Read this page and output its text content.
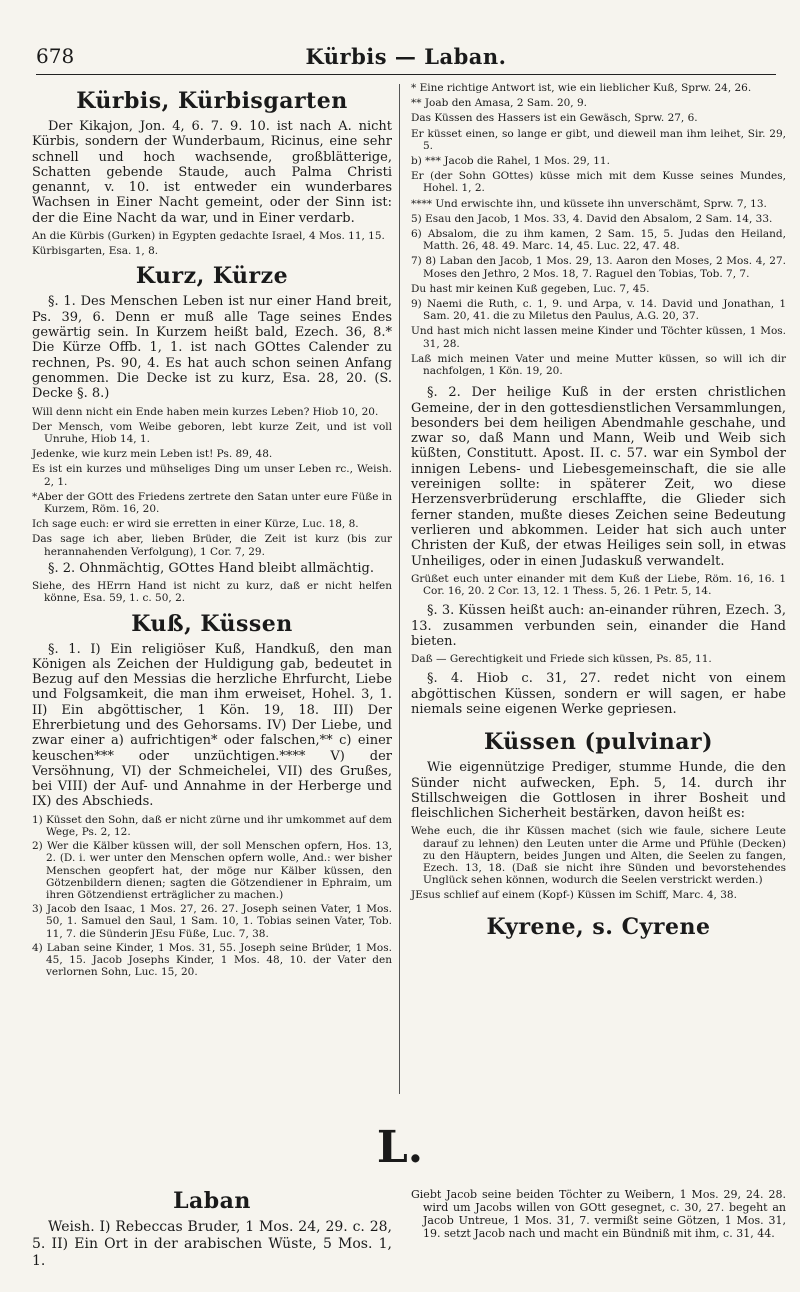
678	Kürbis — Laban.
Kürbis, Kürbisgarten

Der Kikajon, Jon. 4, 6. 7. 9. 10. ist nach A. nicht Kürbis, sondern der Wunderbaum, Ricinus, eine sehr schnell und hoch wachsende, großblätterige, Schatten gebende Staude, auch Palma Christi genannt, v. 10. ist entweder ein wunderbares Wachsen in Einer Nacht gemeint, oder der Sinn ist: der die Eine Nacht da war, und in Einer verdarb.

An die Kürbis (Gurken) in Egypten gedachte Israel, 4 Mos. 11, 15.

Kürbisgarten, Esa. 1, 8.

Kurz, Kürze

§. 1. Des Menschen Leben ist nur einer Hand breit, Ps. 39, 6. Denn er muß alle Tage seines Endes gewärtig sein. In Kurzem heißt bald, Ezech. 36, 8.* Die Kürze Offb. 1, 1. ist nach GOttes Calender zu rechnen, Ps. 90, 4. Es hat auch schon seinen Anfang genommen. Die Decke ist zu kurz, Esa. 28, 20. (S. Decke §. 8.)

Will denn nicht ein Ende haben mein kurzes Leben? Hiob 10, 20.

Der Mensch, vom Weibe geboren, lebt kurze Zeit, und ist voll Unruhe, Hiob 14, 1.

Jedenke, wie kurz mein Leben ist! Ps. 89, 48.

Es ist ein kurzes und mühseliges Ding um unser Leben rc., Weish. 2, 1.

*Aber der GOtt des Friedens zertrete den Satan unter eure Füße in Kurzem, Röm. 16, 20.

Ich sage euch: er wird sie erretten in einer Kürze, Luc. 18, 8.

Das sage ich aber, lieben Brüder, die Zeit ist kurz (bis zur herannahenden Verfolgung), 1 Cor. 7, 29.

§. 2. Ohnmächtig, GOttes Hand bleibt allmächtig.

Siehe, des HErrn Hand ist nicht zu kurz, daß er nicht helfen könne, Esa. 59, 1. c. 50, 2.

Kuß, Küssen

§. 1. I) Ein religiöser Kuß, Handkuß, den man Königen als Zeichen der Huldigung gab, bedeutet in Bezug auf den Messias die herzliche Ehrfurcht, Liebe und Folgsamkeit, die man ihm erweiset, Hohel. 3, 1. II) Ein abgöttischer, 1 Kön. 19, 18. III) Der Ehrerbietung und des Gehorsams. IV) Der Liebe, und zwar einer a) aufrichtigen* oder falschen,** c) einer keuschen*** oder unzüchtigen.**** V) der Versöhnung, VI) der Schmeichelei, VII) des Grußes, bei VIII) der Auf- und Annahme in der Herberge und IX) des Abschieds.

1) Küsset den Sohn, daß er nicht zürne und ihr umkommet auf dem Wege, Ps. 2, 12.

2) Wer die Kälber küssen will, der soll Menschen opfern, Hos. 13, 2. (D. i. wer unter den Menschen opfern wolle, And.: wer bisher Menschen geopfert hat, der möge nur Kälber küssen, den Götzenbildern dienen; sagten die Götzendiener in Ephraim, um ihren Götzendienst erträglicher zu machen.)

3) Jacob den Isaac, 1 Mos. 27, 26. 27. Joseph seinen Vater, 1 Mos. 50, 1. Samuel den Saul, 1 Sam. 10, 1. Tobias seinen Vater, Tob. 11, 7. die Sünderin JEsu Füße, Luc. 7, 38.

4) Laban seine Kinder, 1 Mos. 31, 55. Joseph seine Brüder, 1 Mos. 45, 15. Jacob Josephs Kinder, 1 Mos. 48, 10. der Vater den verlornen Sohn, Luc. 15, 20.

* Eine richtige Antwort ist, wie ein lieblicher Kuß, Sprw. 24, 26.

** Joab den Amasa, 2 Sam. 20, 9.

Das Küssen des Hassers ist ein Gewäsch, Sprw. 27, 6.

Er küsset einen, so lange er gibt, und dieweil man ihm leihet, Sir. 29, 5.

b) *** Jacob die Rahel, 1 Mos. 29, 11.

Er (der Sohn GOttes) küsse mich mit dem Kusse seines Mundes, Hohel. 1, 2.

**** Und erwischte ihn, und küssete ihn unverschämt, Sprw. 7, 13.

5) Esau den Jacob, 1 Mos. 33, 4. David den Absalom, 2 Sam. 14, 33.

6) Absalom, die zu ihm kamen, 2 Sam. 15, 5. Judas den Heiland, Matth. 26, 48. 49. Marc. 14, 45. Luc. 22, 47. 48.

7) 8) Laban den Jacob, 1 Mos. 29, 13. Aaron den Moses, 2 Mos. 4, 27. Moses den Jethro, 2 Mos. 18, 7. Raguel den Tobias, Tob. 7, 7.

Du hast mir keinen Kuß gegeben, Luc. 7, 45.

9) Naemi die Ruth, c. 1, 9. und Arpa, v. 14. David und Jonathan, 1 Sam. 20, 41. die zu Miletus den Paulus, A.G. 20, 37.

Und hast mich nicht lassen meine Kinder und Töchter küssen, 1 Mos. 31, 28.

Laß mich meinen Vater und meine Mutter küssen, so will ich dir nachfolgen, 1 Kön. 19, 20.

§. 2. Der heilige Kuß in der ersten christlichen Gemeine, der in den gottesdienstlichen Versammlungen, besonders bei dem heiligen Abendmahle geschahe, und zwar so, daß Mann und Mann, Weib und Weib sich küßten, Constitutt. Apost. II. c. 57. war ein Symbol der innigen Lebens- und Liebesgemeinschaft, die sie alle vereinigen sollte: in späterer Zeit, wo diese Herzensverbrüderung erschlaffte, die Glieder sich ferner standen, mußte dieses Zeichen seine Bedeutung verlieren und abkommen. Leider hat sich auch unter Christen der Kuß, der etwas Heiliges sein soll, in etwas Unheiliges, oder in einen Judaskuß verwandelt.

Grüßet euch unter einander mit dem Kuß der Liebe, Röm. 16, 16. 1 Cor. 16, 20. 2 Cor. 13, 12. 1 Thess. 5, 26. 1 Petr. 5, 14.

§. 3. Küssen heißt auch: an-einander rühren, Ezech. 3, 13. zusammen verbunden sein, einander die Hand bieten.

Daß — Gerechtigkeit und Friede sich küssen, Ps. 85, 11.

§. 4. Hiob c. 31, 27. redet nicht von einem abgöttischen Küssen, sondern er will sagen, er habe niemals seine eigenen Werke gepriesen.

Küssen (pulvinar)

Wie eigennützige Prediger, stumme Hunde, die den Sünder nicht aufwecken, Eph. 5, 14. durch ihr Stillschweigen die Gottlosen in ihrer Bosheit und fleischlichen Sicherheit bestärken, davon heißt es:

Wehe euch, die ihr Küssen machet (sich wie faule, sichere Leute darauf zu lehnen) den Leuten unter die Arme und Pfühle (Decken) zu den Häuptern, beides Jungen und Alten, die Seelen zu fangen, Ezech. 13, 18. (Daß sie nicht ihre Sünden und bevorstehendes Unglück sehen können, wodurch die Seelen verstrickt werden.)

JEsus schlief auf einem (Kopf-) Küssen im Schiff, Marc. 4, 38.

Kyrene, s. Cyrene
L.
Laban

Weish. I) Rebeccas Bruder, 1 Mos. 24, 29. c. 28, 5. II) Ein Ort in der arabischen Wüste, 5 Mos. 1, 1.

Giebt Jacob seine beiden Töchter zu Weibern, 1 Mos. 29, 24. 28. wird um Jacobs willen von GOtt gesegnet, c. 30, 27. begeht an Jacob Untreue, 1 Mos. 31, 7. vermißt seine Götzen, 1 Mos. 31, 19. setzt Jacob nach und macht ein Bündniß mit ihm, c. 31, 44.
